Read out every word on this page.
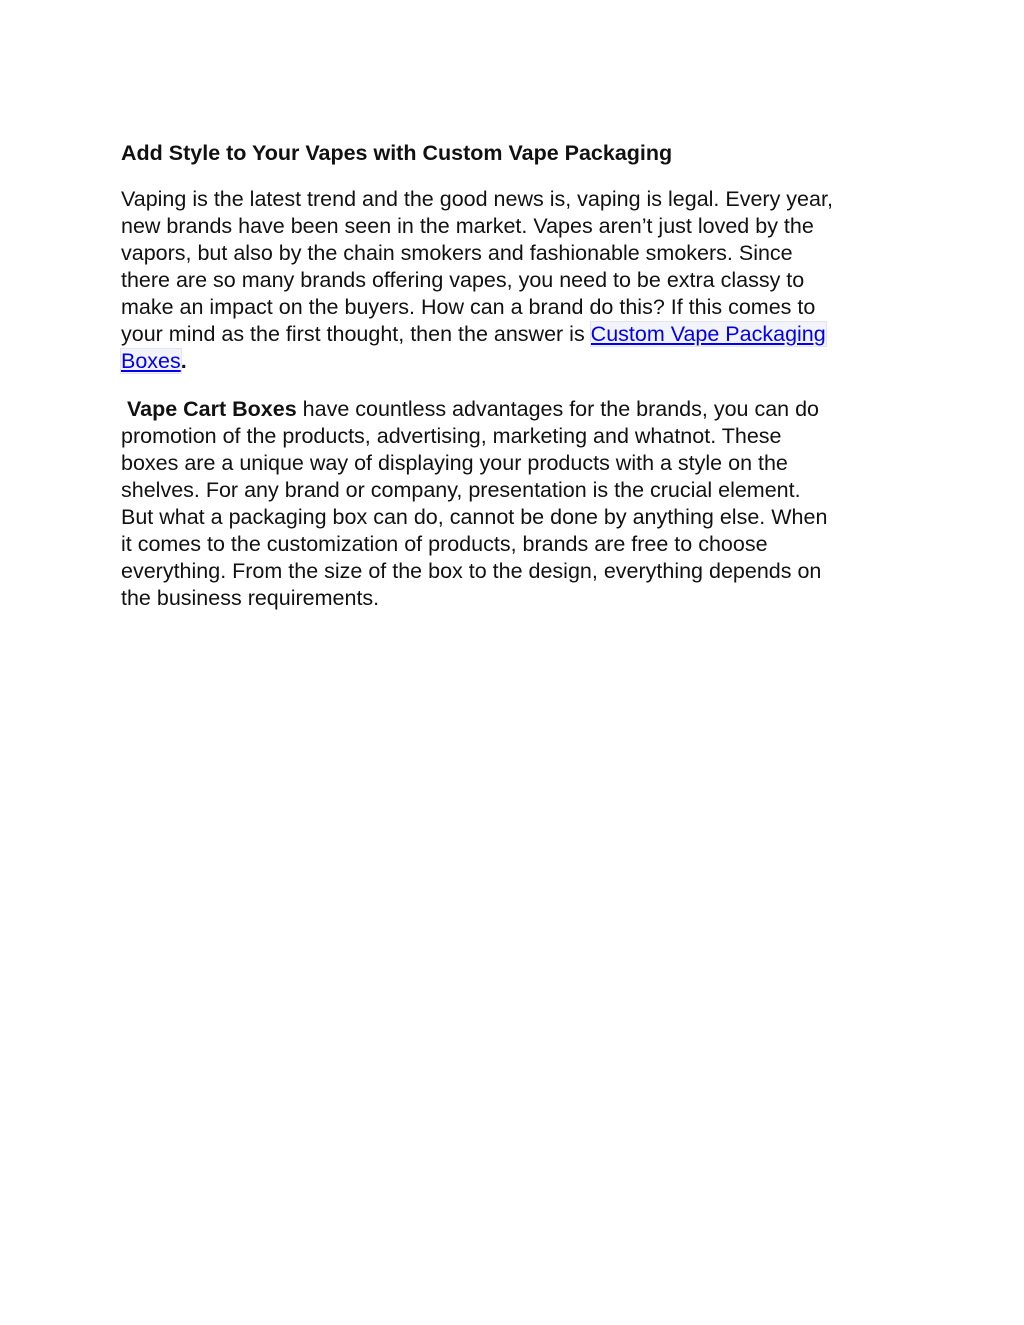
Add Style to Your Vapes with Custom Vape Packaging

Vaping is the latest trend and the good news is, vaping is legal. Every year,
new brands have been seen in the market. Vapes aren’t just loved by the
vapors, but also by the chain smokers and fashionable smokers. Since
there are so many brands offering vapes, you need to be extra classy to
make an impact on the buyers. How can a brand do this? If this comes to
your mind as the first thought, then the answer is Custom Vape Packaging
Boxes.

Vape Cart Boxes have countless advantages for the brands, you can do
promotion of the products, advertising, marketing and whatnot. These
boxes are a unique way of displaying your products with a style on the
shelves. For any brand or company, presentation is the crucial element.
But what a packaging box can do, cannot be done by anything else. When
it comes to the customization of products, brands are free to choose
everything. From the size of the box to the design, everything depends on
the business requirements.
